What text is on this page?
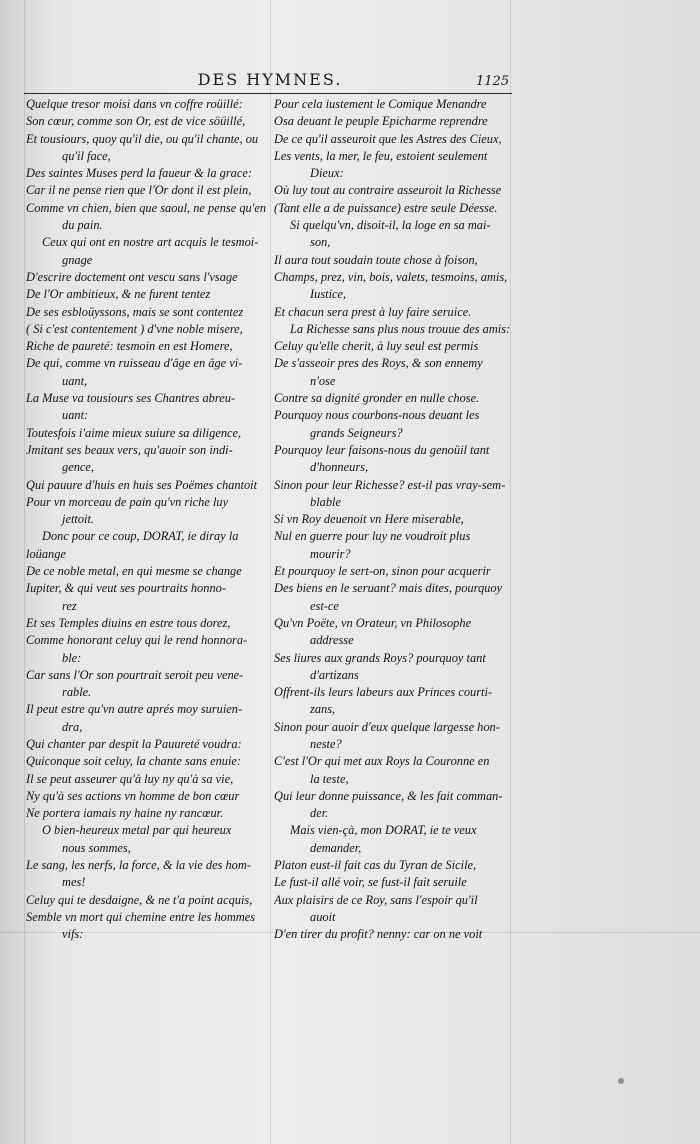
DES HYMNES.	1125
Quelque tresor moisi dans vn coffre roüillé:
Son cœur, comme son Or, est de vice söüillé,
Et tousiours, quoy qu'il die, ou qu'il chante, ou
qu'il face,
Des saintes Muses perd la faueur & la grace:
Car il ne pense rien que l'Or dont il est plein,
Comme vn chien, bien que saoul, ne pense qu'en
du pain.
Ceux qui ont en nostre art acquis le tesmoi-
gnage
D'escrire doctement ont vescu sans l'vsage
De l'Or ambitieux, & ne furent tentez
De ses esbloüyssons, mais se sont contentez
( Si c'est contentement ) d'vne noble misere,
Riche de paureté: tesmoin en est Homere,
De qui, comme vn ruisseau d'âge en âge vi-
uant,
La Muse va tousiours ses Chantres abreu-
uant:
Toutesfois i'aime mieux suiure sa diligence,
Jmitant ses beaux vers, qu'auoir son indi-
gence,
Qui pauure d'huis en huis ses Poëmes chantoit
Pour vn morceau de pain qu'vn riche luy
jettoit.
Donc pour ce coup, DORAT, ie diray la
loüange
De ce noble metal, en qui mesme se change
Iupiter, & qui veut ses pourtraits honno-
rez
Et ses Temples diuins en estre tous dorez,
Comme honorant celuy qui le rend honnora-
ble:
Car sans l'Or son pourtrait seroit peu vene-
rable.
Il peut estre qu'vn autre aprés moy suruien-
dra,
Qui chanter par despit la Pauureté voudra:
Quiconque soit celuy, la chante sans enuie:
Il se peut asseurer qu'à luy ny qu'à sa vie,
Ny qu'à ses actions vn homme de bon cœur
Ne portera iamais ny haine ny rancœur.
O bien-heureux metal par qui heureux
nous sommes,
Le sang, les nerfs, la force, & la vie des hom-
mes!
Celuy qui te desdaigne, & ne t'a point acquis,
Semble vn mort qui chemine entre les hommes
vifs:
Pour cela iustement le Comique Menandre
Osa deuant le peuple Epicharme reprendre
De ce qu'il asseuroit que les Astres des Cieux,
Les vents, la mer, le feu, estoient seulement
Dieux:
Où luy tout au contraire asseuroit la Richesse
(Tant elle a de puissance) estre seule Déesse.
Si quelqu'vn, disoit-il, la loge en sa mai-
son,
Il aura tout soudain toute chose à foison,
Champs, prez, vin, bois, valets, tesmoins, amis,
Iustice,
Et chacun sera prest à luy faire seruice.
La Richesse sans plus nous trouue des amis:
Celuy qu'elle cherit, à luy seul est permis
De s'asseoir pres des Roys, & son ennemy
n'ose
Contre sa dignité gronder en nulle chose.
Pourquoy nous courbons-nous deuant les
grands Seigneurs?
Pourquoy leur faisons-nous du genoüil tant
d'honneurs,
Sinon pour leur Richesse? est-il pas vray-sem-
blable
Si vn Roy deuenoit vn Here miserable,
Nul en guerre pour luy ne voudroit plus
mourir?
Et pourquoy le sert-on, sinon pour acquerir
Des biens en le seruant? mais dites, pourquoy
est-ce
Qu'vn Poëte, vn Orateur, vn Philosophe
addresse
Ses liures aux grands Roys? pourquoy tant
d'artizans
Offrent-ils leurs labeurs aux Princes courti-
zans,
Sinon pour auoir d'eux quelque largesse hon-
neste?
C'est l'Or qui met aux Roys la Couronne en
la teste,
Qui leur donne puissance, & les fait comman-
der.
Mais vien-çà, mon DORAT, ie te veux
demander,
Platon eust-il fait cas du Tyran de Sicile,
Le fust-il allé voir, se fust-il fait seruile
Aux plaisirs de ce Roy, sans l'espoir qu'il
auoit
D'en tirer du profit? nenny: car on ne voit
